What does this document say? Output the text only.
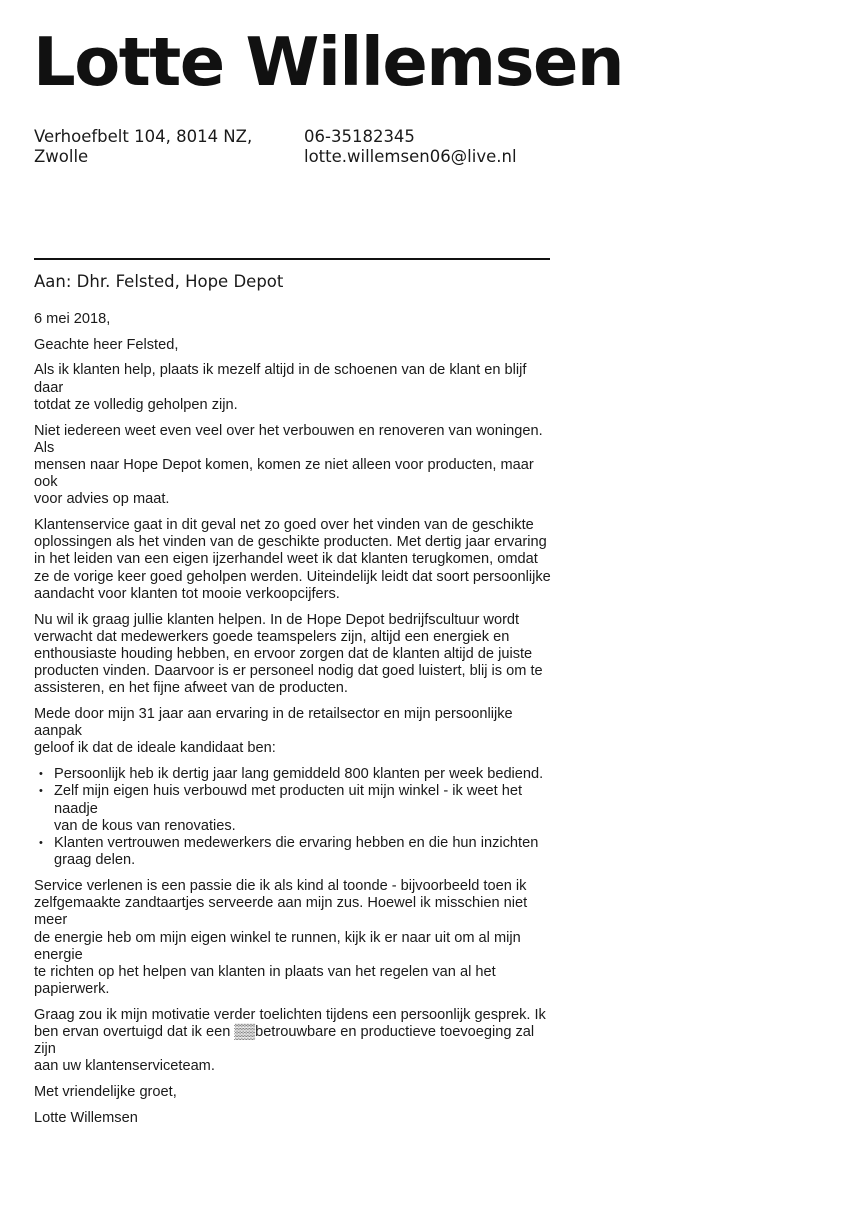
Lotte Willemsen
Verhoefbelt 104, 8014 NZ,
Zwolle
06-35182345
lotte.willemsen06@live.nl
Aan: Dhr. Felsted, Hope Depot

6 mei 2018,

Geachte heer Felsted,

Als ik klanten help, plaats ik mezelf altijd in de schoenen van de klant en blijf daar
totdat ze volledig geholpen zijn.

Niet iedereen weet even veel over het verbouwen en renoveren van woningen. Als
mensen naar Hope Depot komen, komen ze niet alleen voor producten, maar ook
voor advies op maat.

Klantenservice gaat in dit geval net zo goed over het vinden van de geschikte
oplossingen als het vinden van de geschikte producten. Met dertig jaar ervaring
in het leiden van een eigen ijzerhandel weet ik dat klanten terugkomen, omdat
ze de vorige keer goed geholpen werden. Uiteindelijk leidt dat soort persoonlijke
aandacht voor klanten tot mooie verkoopcijfers.

Nu wil ik graag jullie klanten helpen. In de Hope Depot bedrijfscultuur wordt
verwacht dat medewerkers goede teamspelers zijn, altijd een energiek en
enthousiaste houding hebben, en ervoor zorgen dat de klanten altijd de juiste
producten vinden. Daarvoor is er personeel nodig dat goed luistert, blij is om te
assisteren, en het fijne afweet van de producten.

Mede door mijn 31 jaar aan ervaring in de retailsector en mijn persoonlijke aanpak
geloof ik dat de ideale kandidaat ben:

• Persoonlijk heb ik dertig jaar lang gemiddeld 800 klanten per week bediend.
• Zelf mijn eigen huis verbouwd met producten uit mijn winkel - ik weet het naadje
van de kous van renovaties.
• Klanten vertrouwen medewerkers die ervaring hebben en die hun inzichten
graag delen.

Service verlenen is een passie die ik als kind al toonde - bijvoorbeeld toen ik
zelfgemaakte zandtaartjes serveerde aan mijn zus. Hoewel ik misschien niet meer
de energie heb om mijn eigen winkel te runnen, kijk ik er naar uit om al mijn energie
te richten op het helpen van klanten in plaats van het regelen van al het papierwerk.

Graag zou ik mijn motivatie verder toelichten tijdens een persoonlijk gesprek. Ik
ben ervan overtuigd dat ik een ▒▒betrouwbare en productieve toevoeging zal zijn
aan uw klantenserviceteam.

Met vriendelijke groet,

Lotte Willemsen
